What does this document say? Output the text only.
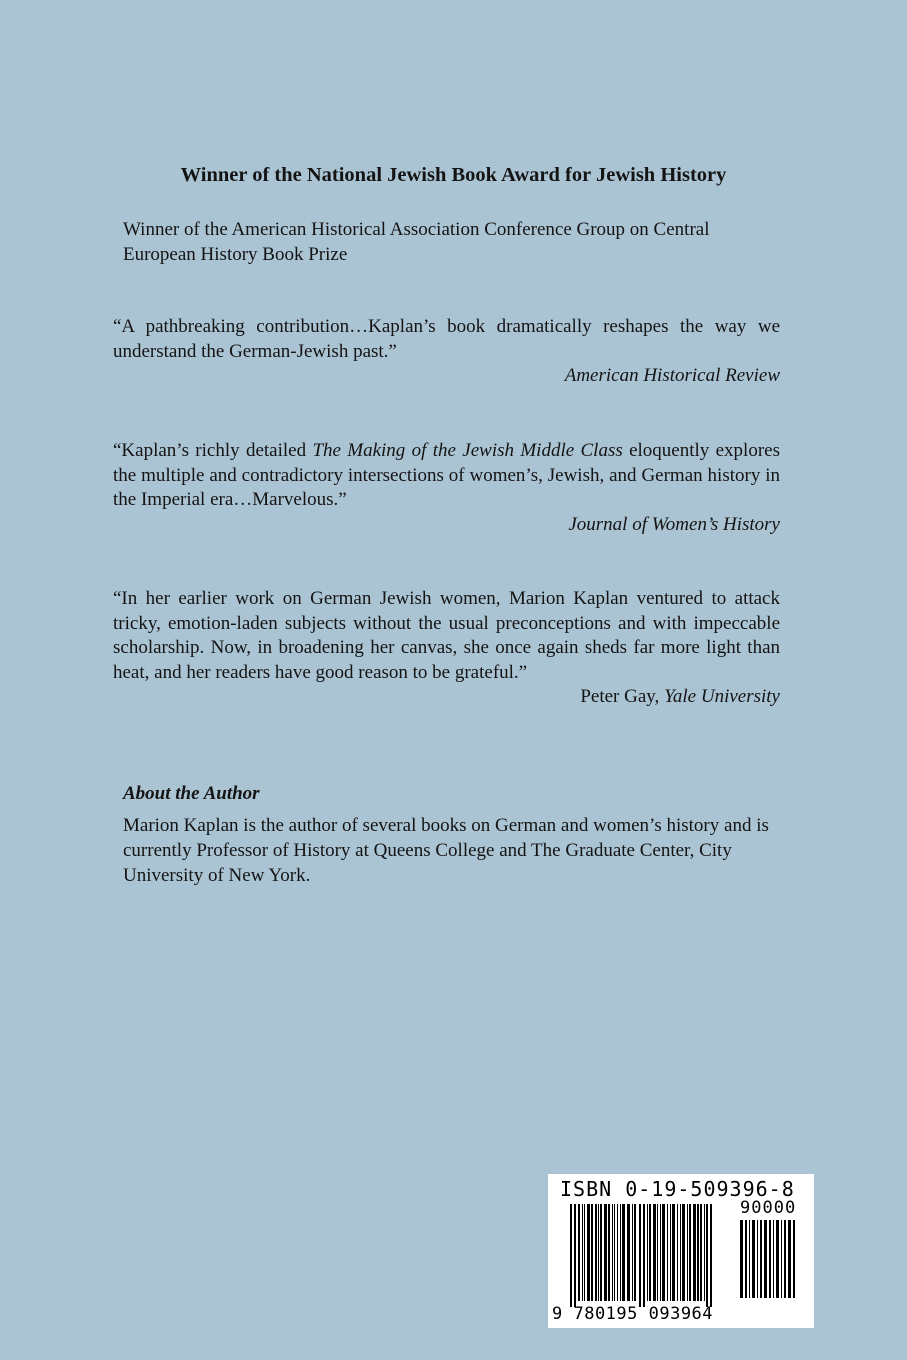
Winner of the National Jewish Book Award for Jewish History

Winner of the American Historical Association Conference Group on Central European History Book Prize

“A pathbreaking contribution…Kaplan’s book dramatically reshapes the way we understand the German-Jewish past.”

American Historical Review

“Kaplan’s richly detailed The Making of the Jewish Middle Class eloquently explores the multiple and contradictory intersections of women’s, Jewish, and German history in the Imperial era…Marvelous.”

Journal of Women’s History

“In her earlier work on German Jewish women, Marion Kaplan ventured to attack tricky, emotion-laden subjects without the usual preconceptions and with impeccable scholarship. Now, in broadening her canvas, she once again sheds far more light than heat, and her readers have good reason to be grateful.”

Peter Gay, Yale University

About the Author

Marion Kaplan is the author of several books on German and women’s history and is currently Professor of History at Queens College and The Graduate Center, City University of New York.

ISBN 0-19-509396-8
90000
9 780195 093964
